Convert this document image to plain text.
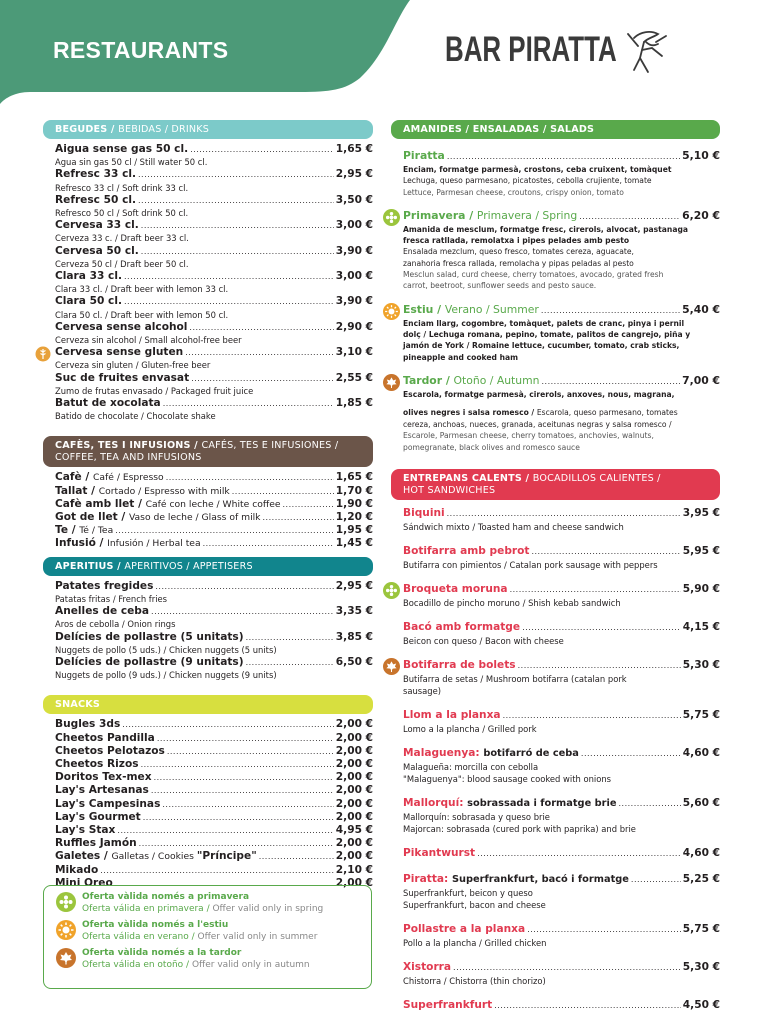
RESTAURANTS	BAR PIRATTA
BEGUDES / BEBIDAS / DRINKS
Aigua sense gas 50 cl. .....	1,65 €
Agua sin gas 50 cl / Still water 50 cl.
Refresc 33 cl. .....	2,95 €
Refresco 33 cl / Soft drink 33 cl.
Refresc 50 cl. .....	3,50 €
Refresco 50 cl / Soft drink 50 cl.
Cervesa 33 cl. .....	3,00 €
Cerveza 33 c. / Draft beer 33 cl.
Cervesa 50 cl. .....	3,90 €
Cerveza 50 cl / Draft beer 50 cl.
Clara 33 cl. .....	3,00 €
Clara 33 cl. / Draft beer with lemon 33 cl.
Clara 50 cl. .....	3,90 €
Clara 50 cl. / Draft beer with lemon 50 cl.
Cervesa sense alcohol .....	2,90 €
Cerveza sin alcohol / Small alcohol-free beer
Cervesa sense gluten .....	3,10 €
Cerveza sin gluten / Gluten-free beer
Suc de fruites envasat .....	2,55 €
Zumo de frutas envasado / Packaged fruit juice
Batut de xocolata .....	1,85 €
Batido de chocolate / Chocolate shake
CAFÈS, TES I INFUSIONS / CAFÉS, TES E INFUSIONES /
COFFEE, TEA AND INFUSIONS
Cafè / Café / Espresso .....	1,65 €
Tallat / Cortado / Espresso with milk .....	1,70 €
Cafè amb llet / Café con leche / White coffee .....	1,90 €
Got de llet / Vaso de leche / Glass of milk .....	1,20 €
Te / Té / Tea .....	1,95 €
Infusió / Infusión / Herbal tea .....	1,45 €
APERITIUS / APERITIVOS / APPETISERS
Patates fregides .....	2,95 €
Patatas fritas / French fries
Anelles de ceba .....	3,35 €
Aros de cebolla / Onion rings
Delícies de pollastre (5 unitats) .....	3,85 €
Nuggets de pollo (5 uds.) / Chicken nuggets (5 units)
Delícies de pollastre (9 unitats) .....	6,50 €
Nuggets de pollo (9 uds.) / Chicken nuggets (9 units)
SNACKS
Bugles 3ds .....	2,00 €
Cheetos Pandilla .....	2,00 €
Cheetos Pelotazos .....	2,00 €
Cheetos Rizos .....	2,00 €
Doritos Tex-mex .....	2,00 €
Lay's Artesanas .....	2,00 €
Lay's Campesinas .....	2,00 €
Lay's Gourmet .....	2,00 €
Lay's Stax .....	4,95 €
Ruffles Jamón .....	2,00 €
Galetes / Galletas / Cookies "Príncipe" .....	2,00 €
Mikado .....	2,10 €
Mini Oreo .....	2,00 €
Oferta vàlida només a primavera
Oferta válida en primavera / Offer valid only in spring
Oferta vàlida només a l'estiu
Oferta válida en verano / Offer valid only in summer
Oferta vàlida només a la tardor
Oferta válida en otoño / Offer valid only in autumn
AMANIDES / ENSALADAS / SALADS
Piratta .....	5,10 €
Enciam, formatge parmesà, crostons, ceba cruixent, tomàquet
Lechuga, queso parmesano, picatostes, cebolla crujiente, tomate
Lettuce, Parmesan cheese, croutons, crispy onion, tomato
Primavera / Primavera / Spring .....	6,20 €
Amanida de mesclum, formatge fresc, cirerols, alvocat, pastanaga
fresca ratllada, remolatxa i pipes pelades amb pesto
Ensalada mezclum, queso fresco, tomates cereza, aguacate,
zanahoria fresca rallada, remolacha y pipas peladas al pesto
Mesclun salad, curd cheese, cherry tomatoes, avocado, grated fresh
carrot, beetroot, sunflower seeds and pesto sauce.
Estiu / Verano / Summer .....	5,40 €
Enciam llarg, cogombre, tomàquet, palets de cranc, pinya i pernil
dolç / Lechuga romana, pepino, tomate, palitos de cangrejo, piña y
jamón de York / Romaine lettuce, cucumber, tomato, crab sticks,
pineapple and cooked ham
Tardor / Otoño / Autumn .....	7,00 €
Escarola, formatge parmesà, cirerols, anxoves, nous, magrana,
olives negres i salsa romesco / Escarola, queso parmesano, tomates
cereza, anchoas, nueces, granada, aceitunas negras y salsa romesco /
Escarole, Parmesan cheese, cherry tomatoes, anchovies, walnuts,
pomegranate, black olives and romesco sauce
ENTREPANS CALENTS / BOCADILLOS CALIENTES /
HOT SANDWICHES
Biquini .....	3,95 €
Sándwich mixto / Toasted ham and cheese sandwich
Botifarra amb pebrot .....	5,95 €
Butifarra con pimientos / Catalan pork sausage with peppers
Broqueta moruna .....	5,90 €
Bocadillo de pincho moruno / Shish kebab sandwich
Bacó amb formatge .....	4,15 €
Beicon con queso / Bacon with cheese
Botifarra de bolets .....	5,30 €
Butifarra de setas / Mushroom botifarra (catalan pork
sausage)
Llom a la planxa .....	5,75 €
Lomo a la plancha / Grilled pork
Malaguenya: botifarró de ceba .....	4,60 €
Malagueña: morcilla con cebolla
"Malaguenya": blood sausage cooked with onions
Mallorquí: sobrassada i formatge brie .....	5,60 €
Mallorquín: sobrasada y queso brie
Majorcan: sobrasada (cured pork with paprika) and brie
Pikantwurst .....	4,60 €
Piratta: Superfrankfurt, bacó i formatge .....	5,25 €
Superfrankfurt, beicon y queso
Superfrankfurt, bacon and cheese
Pollastre a la planxa .....	5,75 €
Pollo a la plancha / Grilled chicken
Xistorra .....	5,30 €
Chistorra / Chistorra (thin chorizo)
Superfrankfurt .....	4,50 €
